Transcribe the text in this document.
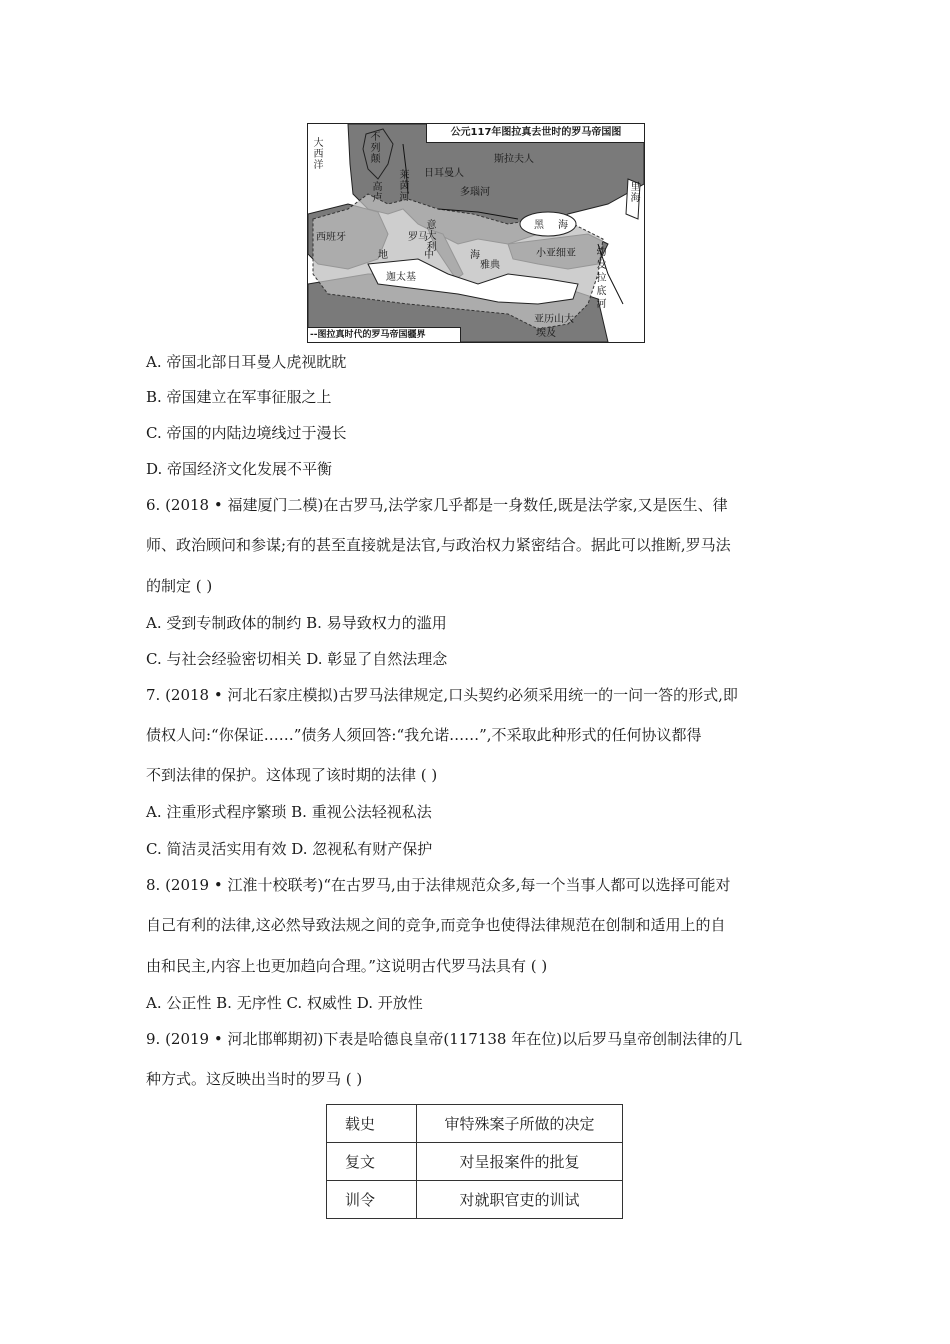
公元117年图拉真去世时的罗马帝国图
--图拉真时代的罗马帝国疆界
大西洋
不列颠
莱茵河
高卢
日耳曼人
斯拉夫人
多瑙河
西班牙
意大利
罗马
黑海
小亚细亚
雅典
幼发拉底河
迦太基
地中海
亚历山大
埃及
里海
A. 帝国北部日耳曼人虎视眈眈
B. 帝国建立在军事征服之上
C. 帝国的内陆边境线过于漫长
D. 帝国经济文化发展不平衡
6. (2018 • 福建厦门二模)在古罗马,法学家几乎都是一身数任,既是法学家,又是医生、律
师、政治顾问和参谋;有的甚至直接就是法官,与政治权力紧密结合。据此可以推断,罗马法
的制定 ( )
A. 受到专制政体的制约 B. 易导致权力的滥用
C. 与社会经验密切相关 D. 彰显了自然法理念
7. (2018 • 河北石家庄模拟)古罗马法律规定,口头契约必须采用统一的一问一答的形式,即
债权人问:“你保证……”债务人须回答:“我允诺……”,不采取此种形式的任何协议都得
不到法律的保护。这体现了该时期的法律 ( )
A. 注重形式程序繁琐 B. 重视公法轻视私法
C. 简洁灵活实用有效 D. 忽视私有财产保护
8. (2019 • 江淮十校联考)“在古罗马,由于法律规范众多,每一个当事人都可以选择可能对
自己有利的法律,这必然导致法规之间的竞争,而竞争也使得法律规范在创制和适用上的自
由和民主,内容上也更加趋向合理。”这说明古代罗马法具有 ( )
A. 公正性 B. 无序性 C. 权威性 D. 开放性
9. (2019 • 河北邯郸期初)下表是哈德良皇帝(117138 年在位)以后罗马皇帝创制法律的几
种方式。这反映出当时的罗马 ( )
载史	审特殊案子所做的决定
复文	对呈报案件的批复
训令	对就职官吏的训试
